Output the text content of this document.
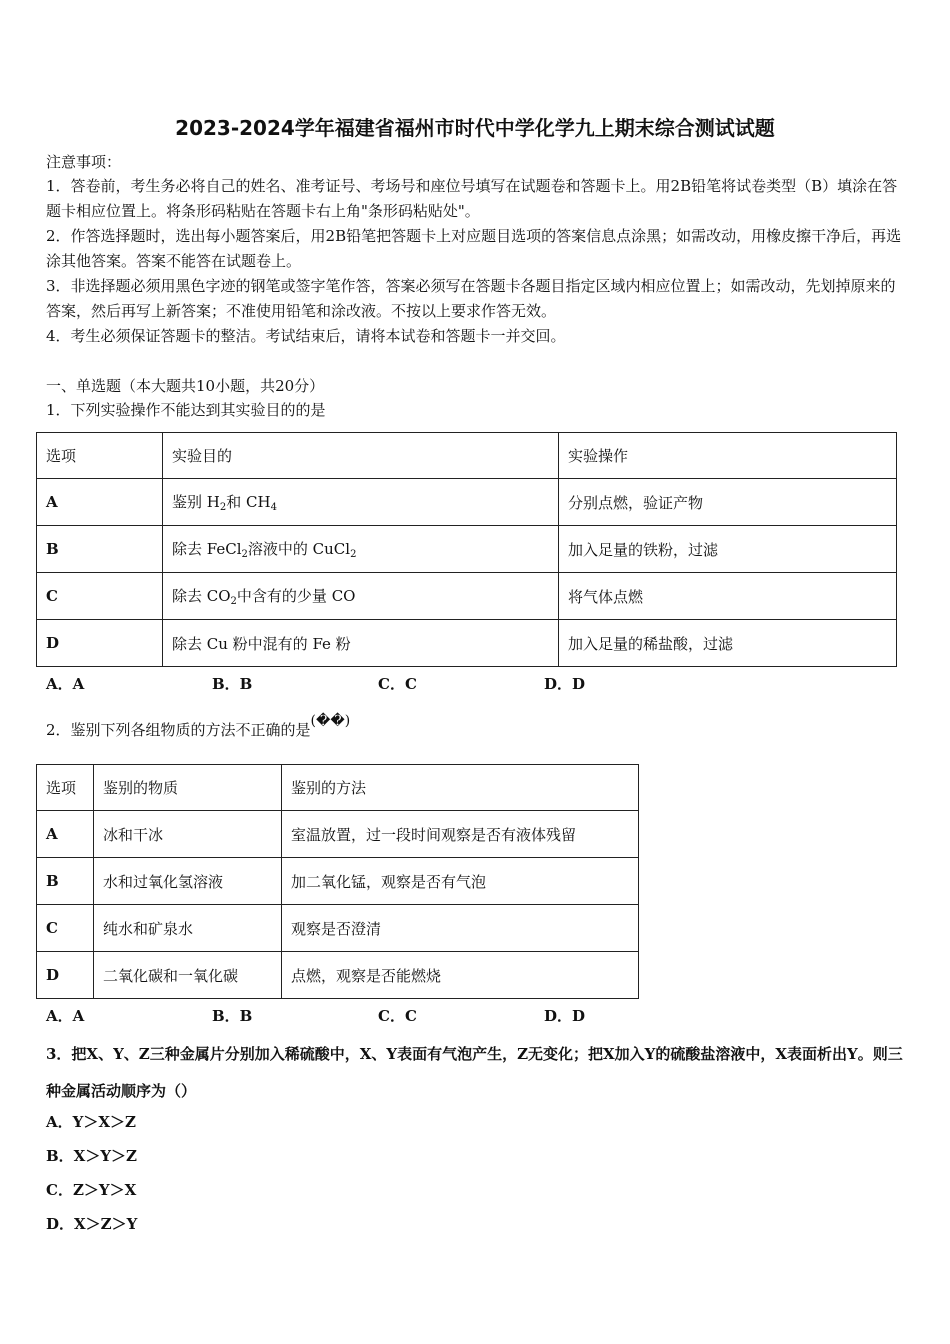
2023-2024学年福建省福州市时代中学化学九上期末综合测试试题
注意事项：
1．答卷前，考生务必将自己的姓名、准考证号、考场号和座位号填写在试题卷和答题卡上。用2B铅笔将试卷类型（B）填涂在答题卡相应位置上。将条形码粘贴在答题卡右上角"条形码粘贴处"。
2．作答选择题时，选出每小题答案后，用2B铅笔把答题卡上对应题目选项的答案信息点涂黑；如需改动，用橡皮擦干净后，再选涂其他答案。答案不能答在试题卷上。
3．非选择题必须用黑色字迹的钢笔或签字笔作答，答案必须写在答题卡各题目指定区域内相应位置上；如需改动，先划掉原来的答案，然后再写上新答案；不准使用铅笔和涂改液。不按以上要求作答无效。
4．考生必须保证答题卡的整洁。考试结束后，请将本试卷和答题卡一并交回。
一、单选题（本大题共10小题，共20分）
1．下列实验操作不能达到其实验目的的是
选项	实验目的	实验操作
A	鉴别 $H_2$和 $CH_4$	分别点燃，验证产物
B	除去 FeCl$_2$溶液中的 CuCl$_2$	加入足量的铁粉，过滤
C	除去 $CO_2$中含有的少量 CO	将气体点燃
D	除去 Cu 粉中混有的 Fe 粉	加入足量的稀盐酸，过滤
A．A	B．B	C．C	D．D
2．鉴别下列各组物质的方法不正确的是(��)
选项	鉴别的物质	鉴别的方法
A	冰和干冰	室温放置，过一段时间观察是否有液体残留
B	水和过氧化氢溶液	加二氧化锰，观察是否有气泡
C	纯水和矿泉水	观察是否澄清
D	二氧化碳和一氧化碳	点燃，观察是否能燃烧
A．A	B．B	C．C	D．D
3．把X、Y、Z三种金属片分别加入稀硫酸中，X、Y表面有气泡产生，Z无变化；把X加入Y的硫酸盐溶液中，X表面析出Y。则三种金属活动顺序为（）
A．Y＞X＞Z
B．X＞Y＞Z
C．Z＞Y＞X
D．X＞Z＞Y
